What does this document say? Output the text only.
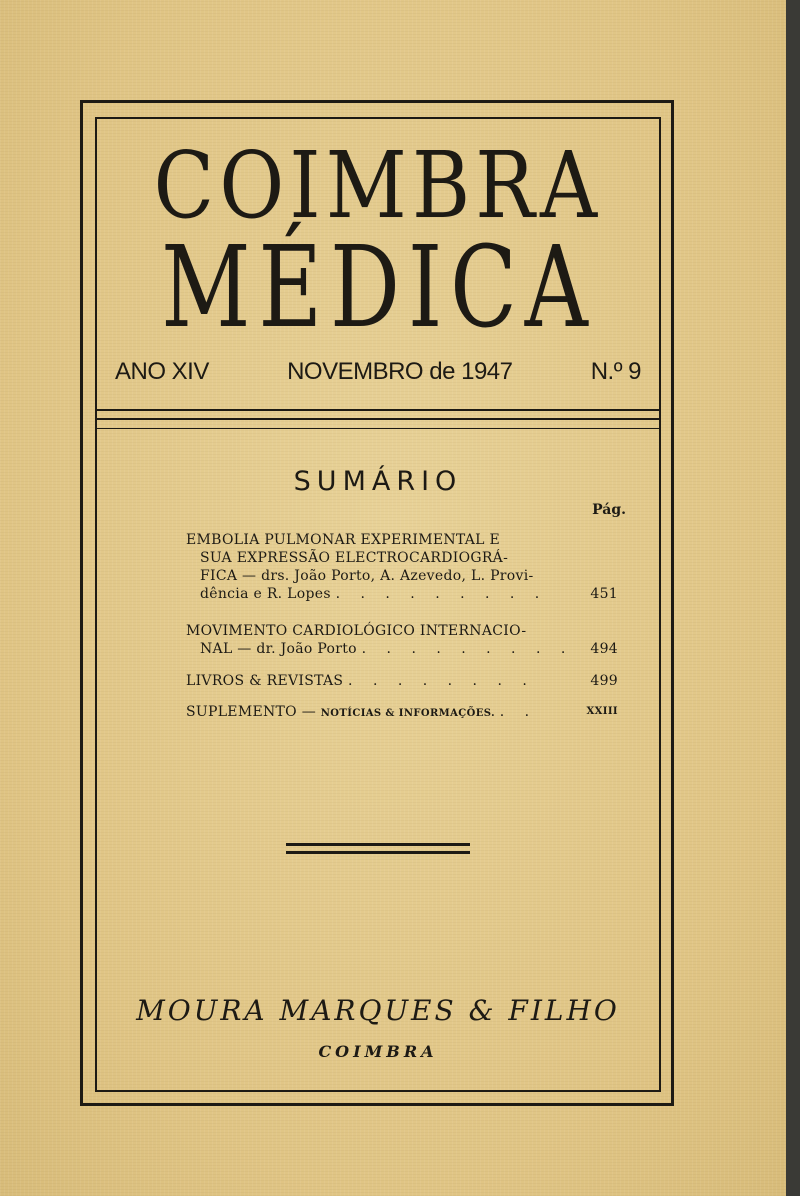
COIMBRA
MÉDICA
ANO XIV	NOVEMBRO de 1947	N.º 9
SUMÁRIO
Pág.
EMBOLIA PULMONAR EXPERIMENTAL E
SUA EXPRESSÃO ELECTROCARDIOGRÁ-
FICA — drs. João Porto, A. Azevedo, L. Provi-
dência e R. Lopes . . . . . . . . .	451
MOVIMENTO CARDIOLÓGICO INTERNACIO-
NAL — dr. João Porto . . . . . . . . . 494
LIVROS & REVISTAS . . . . . . . .	499
SUPLEMENTO — NOTÍCIAS & INFORMAÇÕES. . .	XXIII
MOURA MARQUES & FILHO
COIMBRA
